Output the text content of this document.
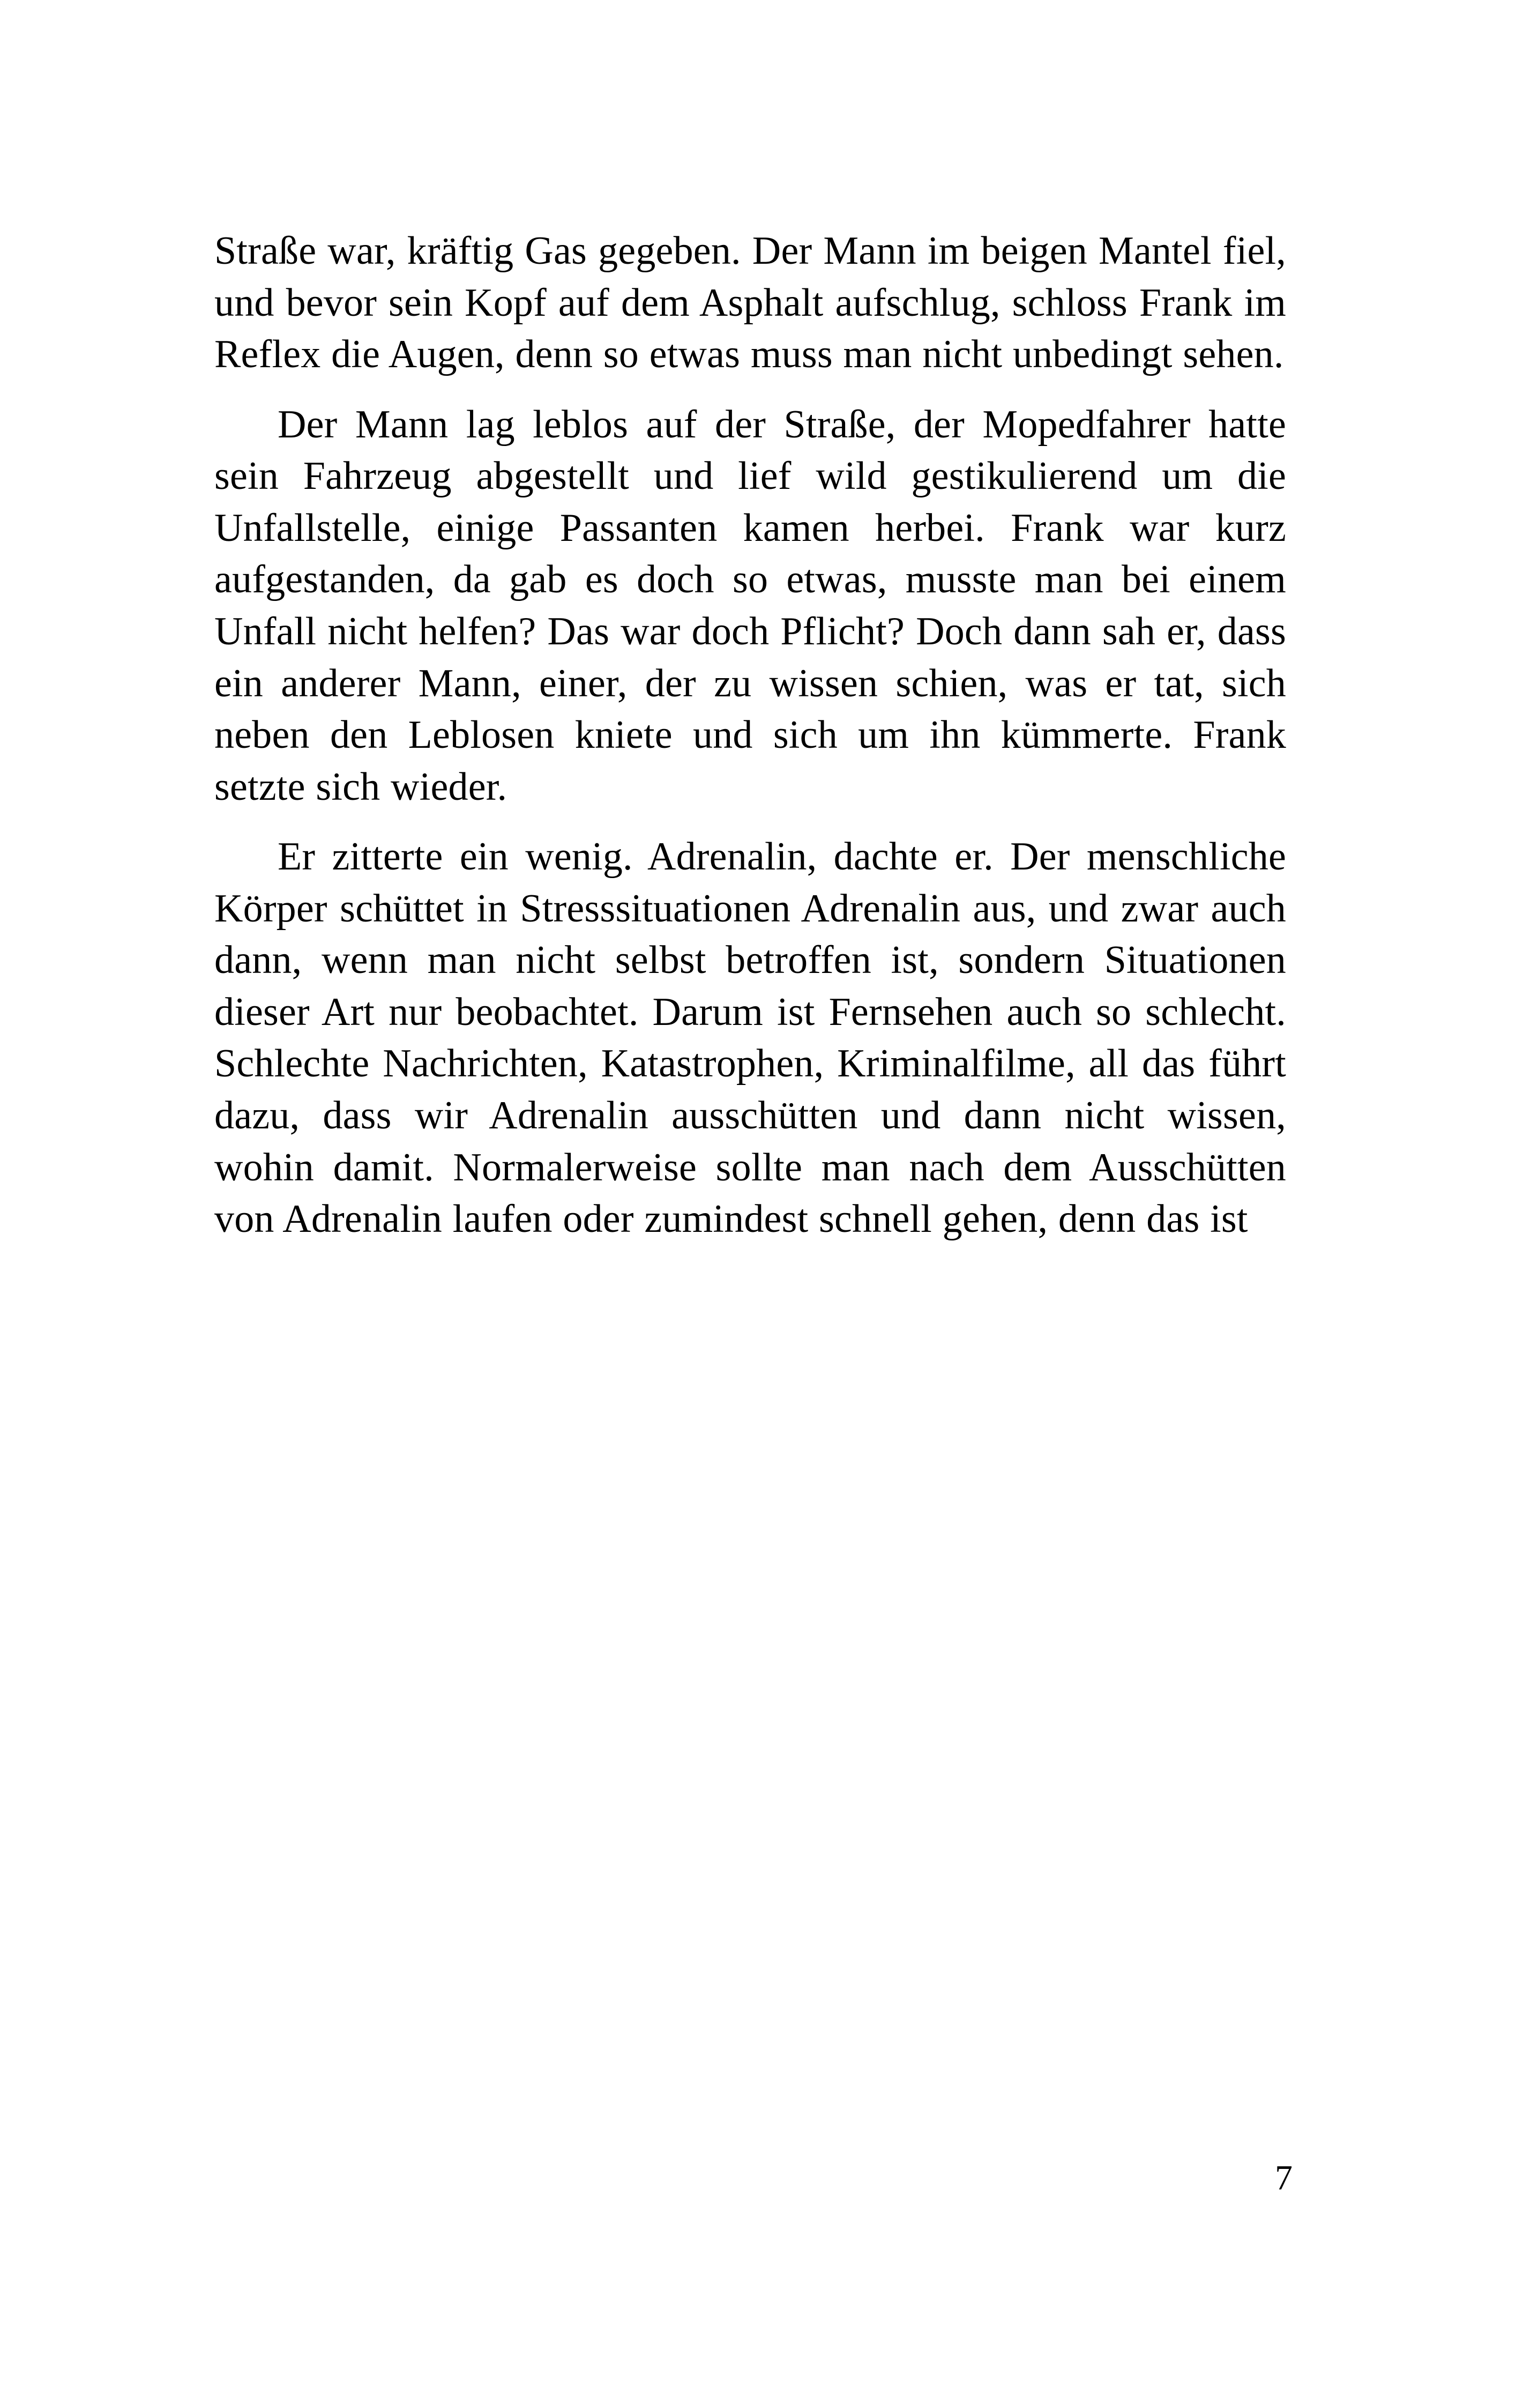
Straße war, kräftig Gas gegeben. Der Mann im beigen Mantel fiel, und bevor sein Kopf auf dem Asphalt aufschlug, schloss Frank im Reflex die Augen, denn so etwas muss man nicht unbedingt sehen.

Der Mann lag leblos auf der Straße, der Mopedfahrer hatte sein Fahrzeug abgestellt und lief wild gestikulierend um die Unfallstelle, einige Passanten kamen herbei. Frank war kurz aufgestanden, da gab es doch so etwas, musste man bei einem Unfall nicht helfen? Das war doch Pflicht? Doch dann sah er, dass ein anderer Mann, einer, der zu wissen schien, was er tat, sich neben den Leblosen kniete und sich um ihn kümmerte. Frank setzte sich wieder.

Er zitterte ein wenig. Adrenalin, dachte er. Der menschliche Körper schüttet in Stresssituationen Adrenalin aus, und zwar auch dann, wenn man nicht selbst betroffen ist, sondern Situationen dieser Art nur beobachtet. Darum ist Fernsehen auch so schlecht. Schlechte Nachrichten, Katastrophen, Kriminalfilme, all das führt dazu, dass wir Adrenalin ausschütten und dann nicht wissen, wohin damit. Normalerweise sollte man nach dem Ausschütten von Adrenalin laufen oder zumindest schnell gehen, denn das ist

7
